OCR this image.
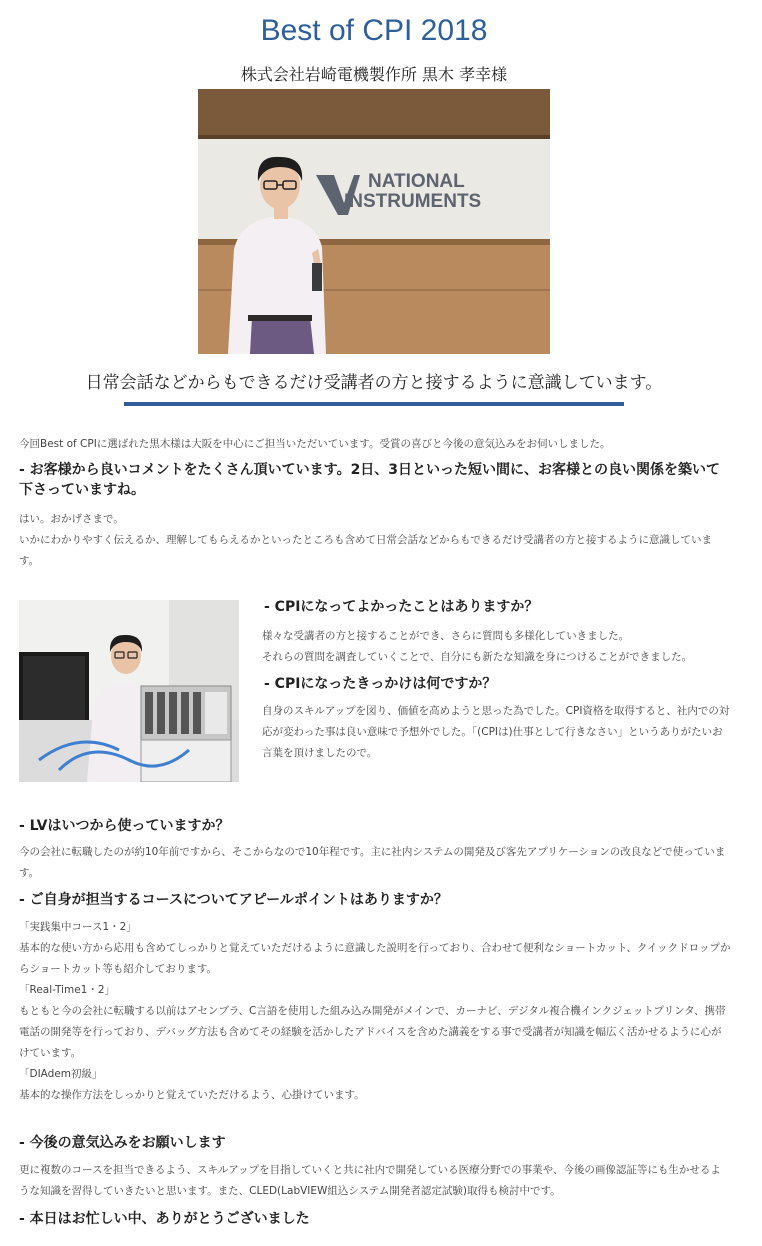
Best of CPI 2018
株式会社岩崎電機製作所 黒木 孝幸様
NATIONAL
INSTRUMENTS
日常会話などからもできるだけ受講者の方と接するように意識しています。

今回Best of CPIに選ばれた黒木様は大阪を中心にご担当いただいています。受賞の喜びと今後の意気込みをお伺いしました。

- お客様から良いコメントをたくさん頂いています。2日、3日といった短い間に、お客様との良い関係を築いて下さっていますね。

はい。おかげさまで。

いかにわかりやすく伝えるか、理解してもらえるかといったところも含めて日常会話などからもできるだけ受講者の方と接するように意識しています。

- CPIになってよかったことはありますか？

様々な受講者の方と接することができ、さらに質問も多様化していきました。

それらの質問を調査していくことで、自分にも新たな知識を身につけることができました。

- CPIになったきっかけは何ですか？
自身のスキルアップを図り、価値を高めようと思った為でした。CPI資格を取得すると、社内での対応が変わった事は良い意味で予想外でした。「(CPIは)仕事として行きなさい」というありがたいお言葉を頂けましたので。
- LVはいつから使っていますか？
今の会社に転職したのが約10年前ですから、そこからなので10年程です。主に社内システムの開発及び客先アプリケーションの改良などで使っています。
- ご自身が担当するコースについてアピールポイントはありますか？

「実践集中コース1・2」

基本的な使い方から応用も含めてしっかりと覚えていただけるように意識した説明を行っており、合わせて便利なショートカット、クイックドロップからショートカット等も紹介しております。

「Real-Time1・2」

もともと今の会社に転職する以前はアセンブラ、C言語を使用した組み込み開発がメインで、カーナビ、デジタル複合機インクジェットプリンタ、携帯電話の開発等を行っており、デバッグ方法も含めてその経験を活かしたアドバイスを含めた講義をする事で受講者が知識を幅広く活かせるように心がけています。

「DIAdem初級」

基本的な操作方法をしっかりと覚えていただけるよう、心掛けています。

- 今後の意気込みをお願いします
更に複数のコースを担当できるよう、スキルアップを目指していくと共に社内で開発している医療分野での事業や、今後の画像認証等にも生かせるような知識を習得していきたいと思います。また、CLED(LabVIEW組込システム開発者認定試験)取得も検討中です。
- 本日はお忙しい中、ありがとうございました
